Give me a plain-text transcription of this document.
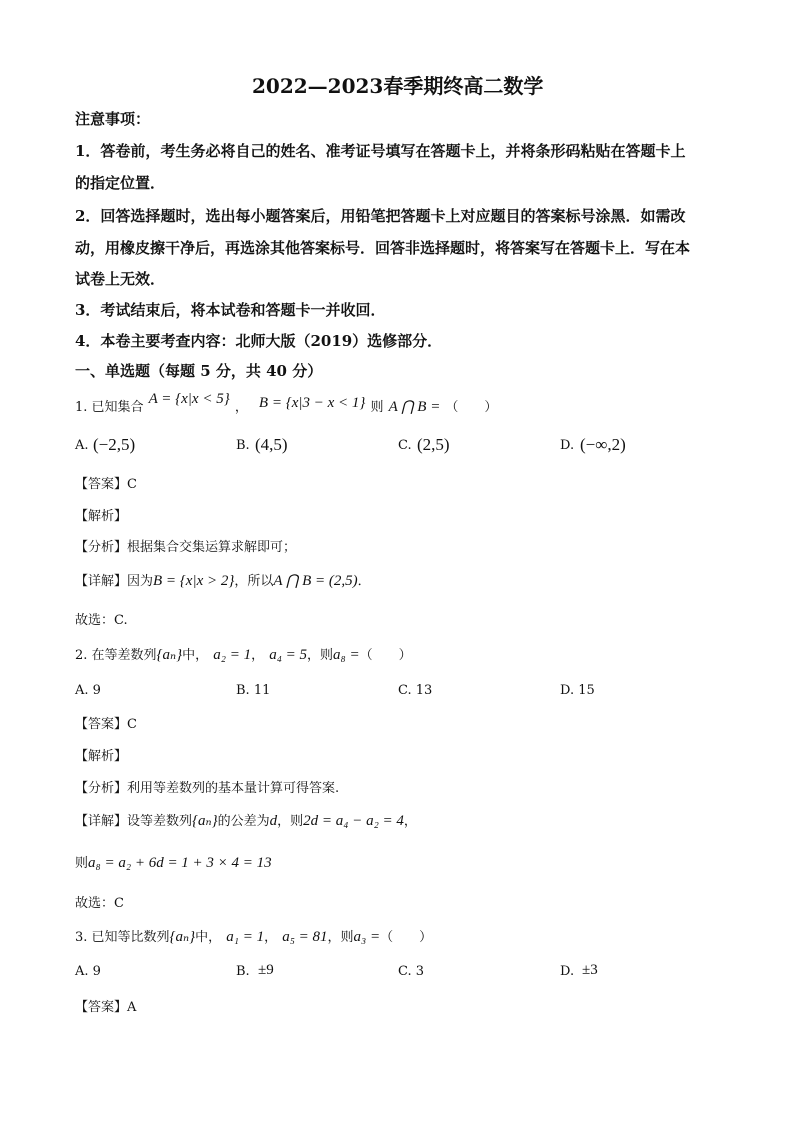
2022—2023春季期终高二数学
注意事项：
1．答卷前，考生务必将自己的姓名、准考证号填写在答题卡上，并将条形码粘贴在答题卡上
的指定位置．
2．回答选择题时，选出每小题答案后，用铅笔把答题卡上对应题目的答案标号涂黑．如需改
动，用橡皮擦干净后，再选涂其他答案标号．回答非选择题时，将答案写在答题卡上．写在本
试卷上无效．
3．考试结束后，将本试卷和答题卡一并收回．
4．本卷主要考查内容：北师大版（2019）选修部分．
一、单选题（每题 5 分，共 40 分）
1. 已知集合 A = {x|x < 5} ， B = {x|3 − x < 1} 则 A ⋂ B = （　　）
A. (−2,5)	B. (4,5)	C. (2,5)	D. (−∞,2)
【答案】C
【解析】
【分析】根据集合交集运算求解即可；
【详解】因为B = {x|x > 2}，所以A ⋂ B = (2,5)．
故选：C.
2. 在等差数列{aₙ}中， a₂ = 1， a₄ = 5，则a₈ =（　　）
A. 9	B. 11	C. 13	D. 15
【答案】C
【解析】
【分析】利用等差数列的基本量计算可得答案.
【详解】设等差数列{aₙ}的公差为d，则2d = a₄ − a₂ = 4，
则a₈ = a₂ + 6d = 1 + 3 × 4 = 13
故选：C
3. 已知等比数列{aₙ}中， a₁ = 1， a₅ = 81，则a₃ =（　　）
A. 9	B. ±9	C. 3	D. ±3
【答案】A
